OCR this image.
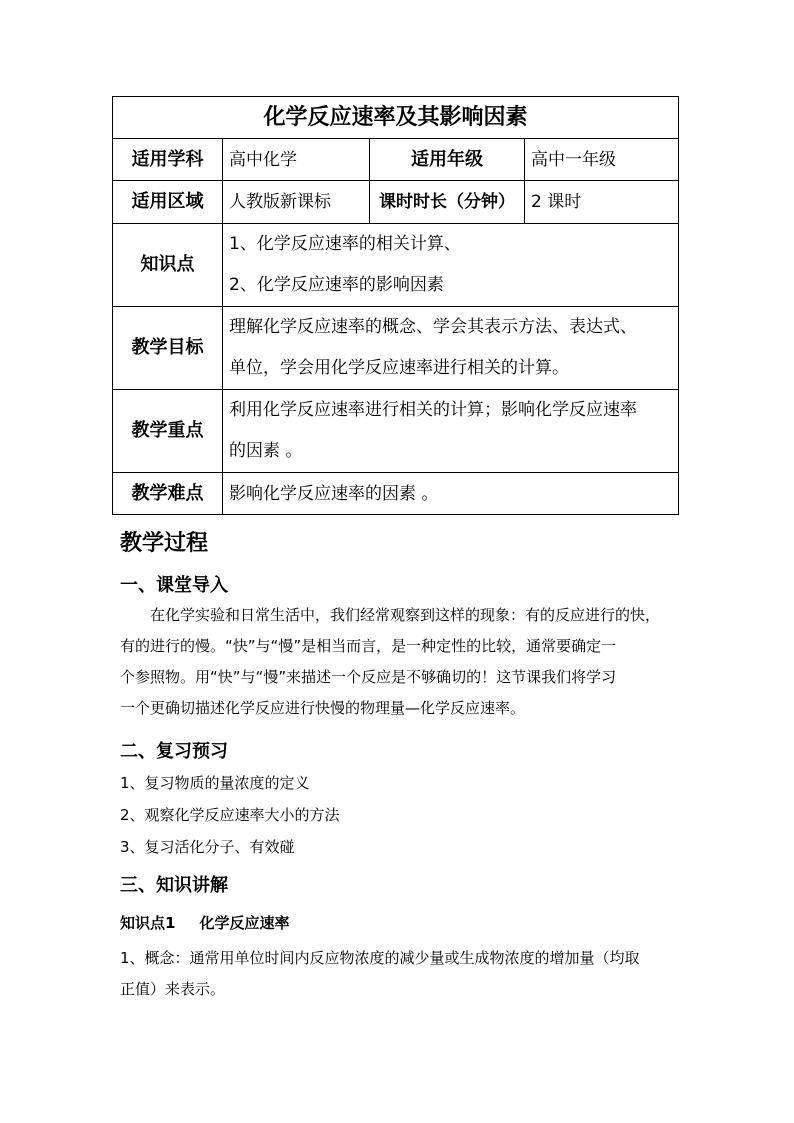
化学反应速率及其影响因素			
适用学科	高中化学	适用年级	高中一年级
适用区域	人教版新课标	课时时长（分钟）	2 课时
知识点	1、化学反应速率的相关计算、
2、化学反应速率的影响因素		

教学目标	理解化学反应速率的概念、学会其表示方法、表达式、
单位，学会用化学反应速率进行相关的计算。		

教学重点	利用化学反应速率进行相关的计算；影响化学反应速率
的因素 。		

教学难点	影响化学反应速率的因素 。		
教学过程
一、课堂导入
在化学实验和日常生活中，我们经常观察到这样的现象：有的反应进行的快，
有的进行的慢。“快”与“慢”是相当而言，是一种定性的比较，通常要确定一
个参照物。用“快”与“慢”来描述一个反应是不够确切的！这节课我们将学习
一个更确切描述化学反应进行快慢的物理量—化学反应速率。
二、复习预习
1、复习物质的量浓度的定义
2、观察化学反应速率大小的方法
3、复习活化分子、有效碰
三、知识讲解
知识点1 化学反应速率
1、概念：通常用单位时间内反应物浓度的减少量或生成物浓度的增加量（均取
正值）来表示。
